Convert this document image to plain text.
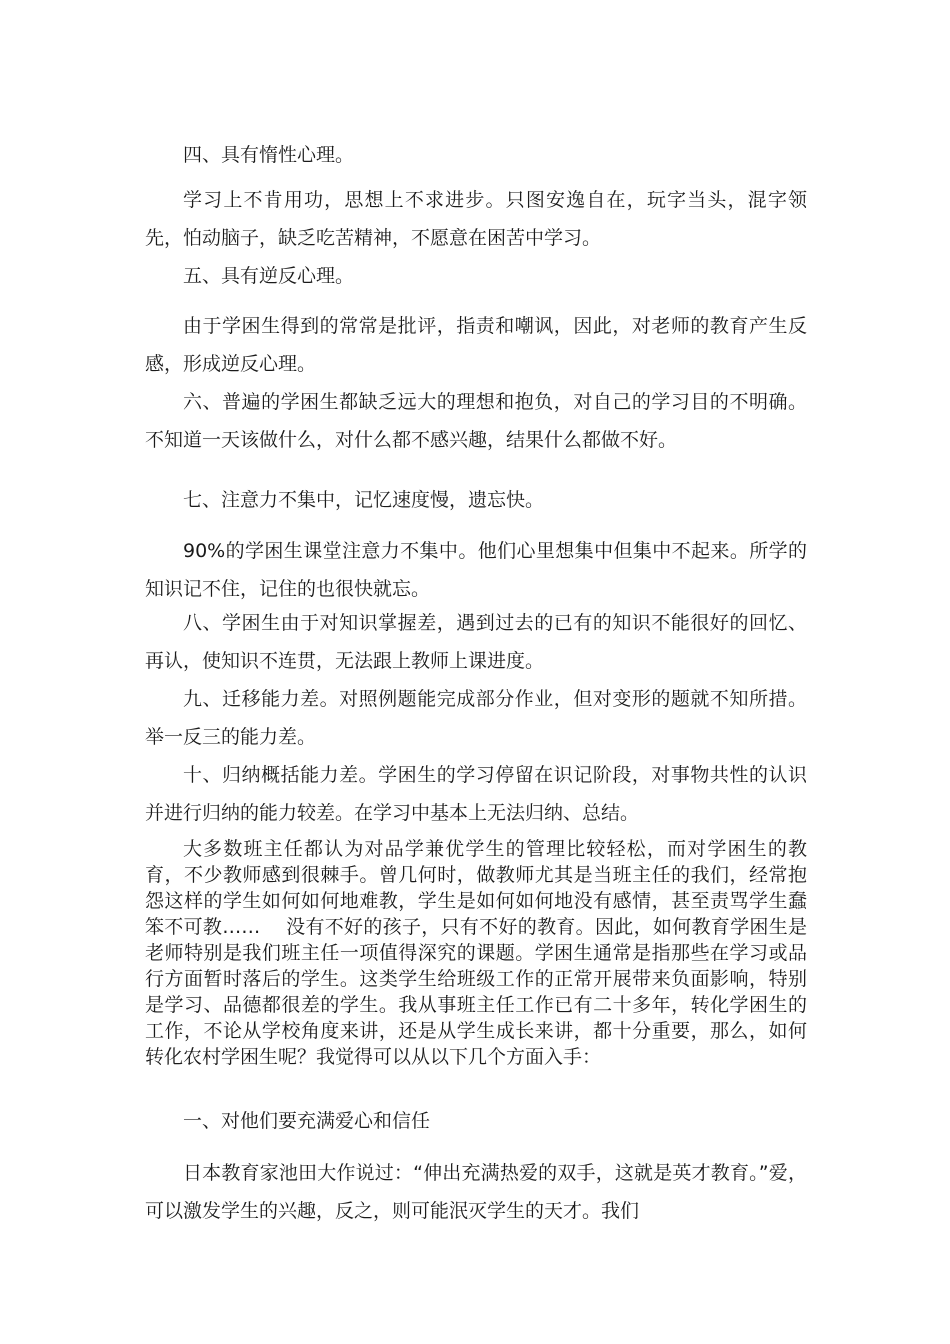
四、具有惰性心理。

学习上不肯用功，思想上不求进步。只图安逸自在，玩字当头，混字领先，怕动脑子，缺乏吃苦精神，不愿意在困苦中学习。

五、具有逆反心理。

由于学困生得到的常常是批评，指责和嘲讽，因此，对老师的教育产生反感，形成逆反心理。

六、普遍的学困生都缺乏远大的理想和抱负，对自己的学习目的不明确。不知道一天该做什么，对什么都不感兴趣，结果什么都做不好。

七、注意力不集中，记忆速度慢，遗忘快。

90%的学困生课堂注意力不集中。他们心里想集中但集中不起来。所学的知识记不住，记住的也很快就忘。

八、学困生由于对知识掌握差，遇到过去的已有的知识不能很好的回忆、再认，使知识不连贯，无法跟上教师上课进度。

九、迁移能力差。对照例题能完成部分作业，但对变形的题就不知所措。举一反三的能力差。

十、归纳概括能力差。学困生的学习停留在识记阶段，对事物共性的认识并进行归纳的能力较差。在学习中基本上无法归纳、总结。

大多数班主任都认为对品学兼优学生的管理比较轻松，而对学困生的教育，不少教师感到很棘手。曾几何时，做教师尤其是当班主任的我们，经常抱怨这样的学生如何如何地难教，学生是如何如何地没有感情，甚至责骂学生蠢笨不可教……　 没有不好的孩子，只有不好的教育。因此，如何教育学困生是老师特别是我们班主任一项值得深究的课题。学困生通常是指那些在学习或品行方面暂时落后的学生。这类学生给班级工作的正常开展带来负面影响，特别是学习、品德都很差的学生。我从事班主任工作已有二十多年，转化学困生的工作，不论从学校角度来讲，还是从学生成长来讲，都十分重要，那么，如何转化农村学困生呢？我觉得可以从以下几个方面入手：

一、对他们要充满爱心和信任

日本教育家池田大作说过：“伸出充满热爱的双手，这就是英才教育。”爱，可以激发学生的兴趣，反之，则可能泯灭学生的天才。我们
